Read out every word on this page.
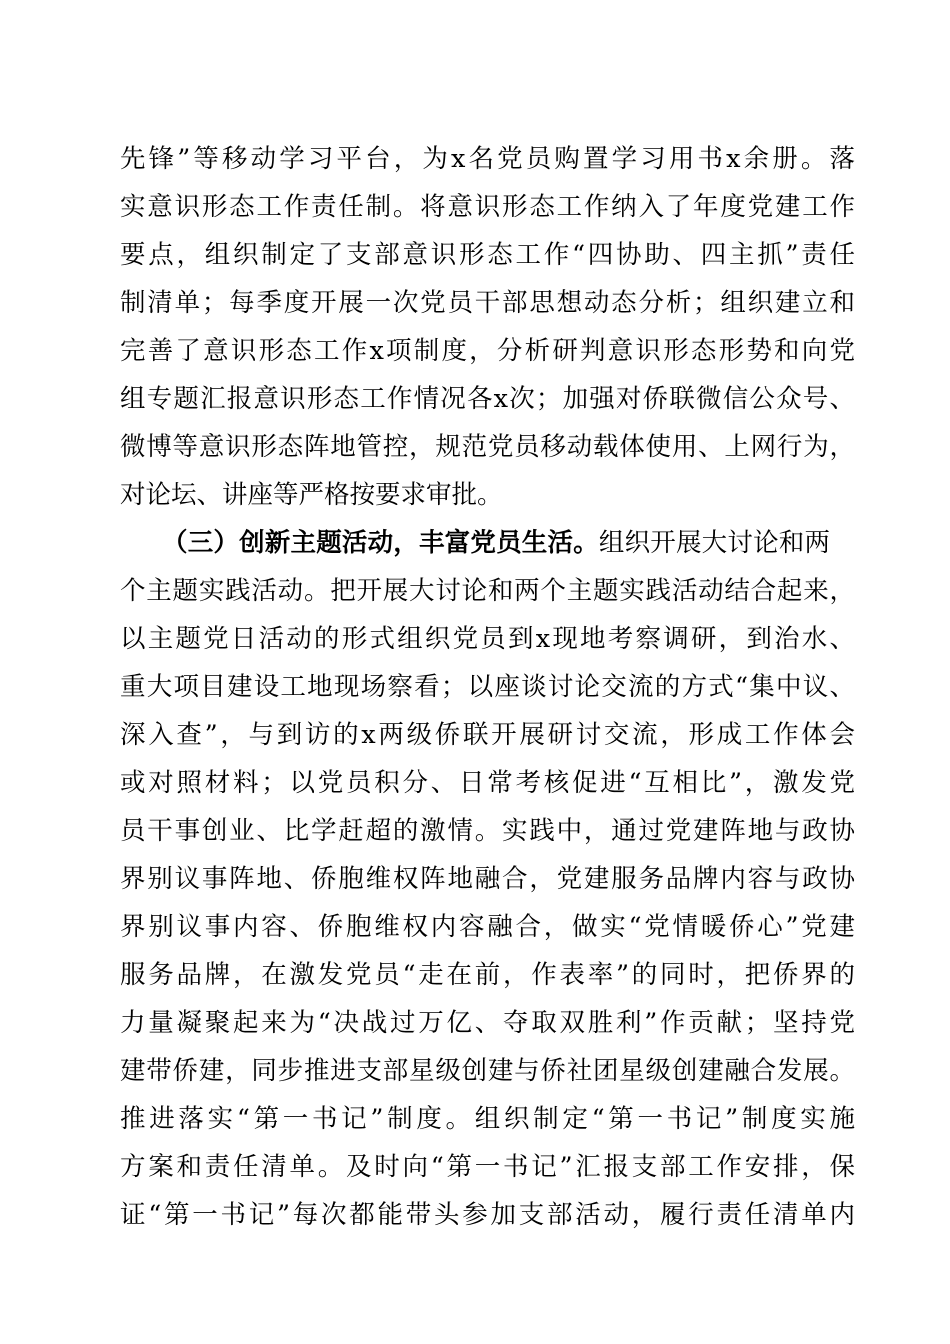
先锋”等移动学习平台，为x名党员购置学习用书x余册。落
实意识形态工作责任制。将意识形态工作纳入了年度党建工作
要点，组织制定了支部意识形态工作“四协助、四主抓”责任
制清单；每季度开展一次党员干部思想动态分析；组织建立和
完善了意识形态工作x项制度，分析研判意识形态形势和向党
组专题汇报意识形态工作情况各x次；加强对侨联微信公众号、
微博等意识形态阵地管控，规范党员移动载体使用、上网行为，
对论坛、讲座等严格按要求审批。
（三）创新主题活动，丰富党员生活。组织开展大讨论和两
个主题实践活动。把开展大讨论和两个主题实践活动结合起来，
以主题党日活动的形式组织党员到x现地考察调研，到治水、
重大项目建设工地现场察看；以座谈讨论交流的方式“集中议、
深入查”，与到访的x两级侨联开展研讨交流，形成工作体会
或对照材料；以党员积分、日常考核促进“互相比”，激发党
员干事创业、比学赶超的激情。实践中，通过党建阵地与政协
界别议事阵地、侨胞维权阵地融合，党建服务品牌内容与政协
界别议事内容、侨胞维权内容融合，做实“党情暖侨心”党建
服务品牌，在激发党员“走在前，作表率”的同时，把侨界的
力量凝聚起来为“决战过万亿、夺取双胜利”作贡献；坚持党
建带侨建，同步推进支部星级创建与侨社团星级创建融合发展。
推进落实“第一书记”制度。组织制定“第一书记”制度实施
方案和责任清单。及时向“第一书记”汇报支部工作安排，保
证“第一书记”每次都能带头参加支部活动，履行责任清单内
